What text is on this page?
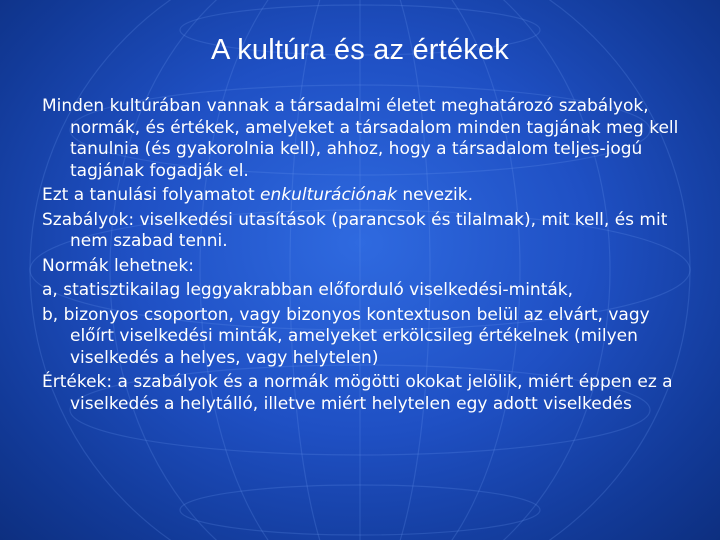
A kultúra és az értékek

Minden kultúrában vannak a társadalmi életet meghatározó szabályok, normák, és értékek, amelyeket a társadalom minden tagjának meg kell tanulnia (és gyakorolnia kell), ahhoz, hogy a társadalom teljes-jogú tagjának fogadják el.

Ezt a tanulási folyamatot enkulturációnak nevezik.

Szabályok: viselkedési utasítások (parancsok és tilalmak), mit kell, és mit nem szabad tenni.

Normák lehetnek:

a, statisztikailag leggyakrabban előforduló viselkedési-minták,

b, bizonyos csoporton, vagy bizonyos kontextuson belül az elvárt, vagy előírt viselkedési minták, amelyeket erkölcsileg értékelnek (milyen viselkedés a helyes, vagy helytelen)

Értékek: a szabályok és a normák mögötti okokat jelölik, miért éppen ez a viselkedés a helytálló, illetve miért helytelen egy adott viselkedés
